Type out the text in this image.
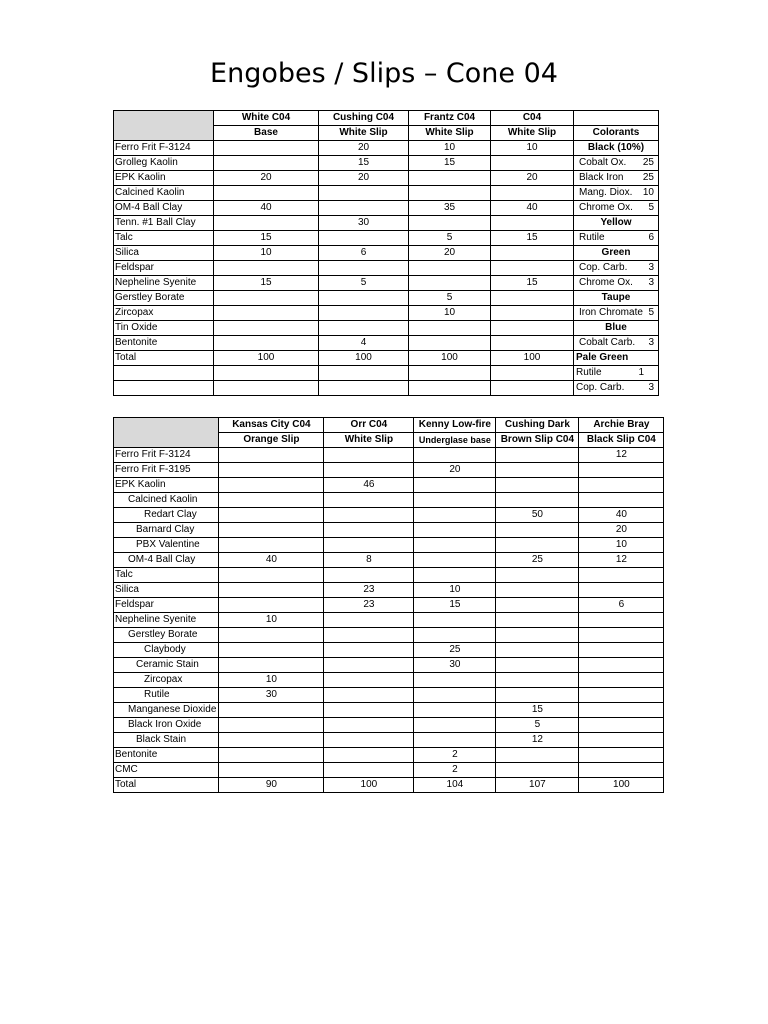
Engobes / Slips – Cone 04
	White C04	Cushing C04	Frantz C04	C04	
	Base	White Slip	White Slip	White Slip	Colorants
Ferro Frit F-3124		20	10	10	Black (10%)
Grolleg Kaolin		15	15		Cobalt Ox. 25

EPK Kaolin	20	20		20	Black Iron 25

Calcined Kaolin					Mang. Diox. 10

OM-4 Ball Clay	40		35	40	Chrome Ox. 5

Tenn. #1 Ball Clay		30			Yellow
Talc	15		5	15	Rutile 6

Silica	10	6	20		Green
Feldspar					Cop. Carb. 3

Nepheline Syenite	15	5		15	Chrome Ox. 3

Gerstley Borate			5		Taupe
Zircopax			10		Iron Chromate 5

Tin Oxide					Blue
Bentonite		4			Cobalt Carb. 3

Total	100	100	100	100	Pale Green

					Rutile 1

					Cop. Carb. 3
	Kansas City C04	Orr C04	Kenny Low-fire	Cushing Dark	Archie Bray
	Orange Slip	White Slip	Underglase base	Brown Slip C04	Black Slip C04
Ferro Frit F-3124					12
Ferro Frit F-3195			20		
EPK Kaolin		46			
Calcined Kaolin					
Redart Clay				50	40
Barnard Clay					20
PBX Valentine					10
OM-4 Ball Clay	40	8		25	12
Talc					
Silica		23	10		
Feldspar		23	15		6
Nepheline Syenite	10				
Gerstley Borate					
Claybody			25		
Ceramic Stain			30		
Zircopax	10				
Rutile	30				
Manganese Dioxide				15	
Black Iron Oxide				5	
Black Stain				12	
Bentonite			2		
CMC			2		
Total	90	100	104	107	100
